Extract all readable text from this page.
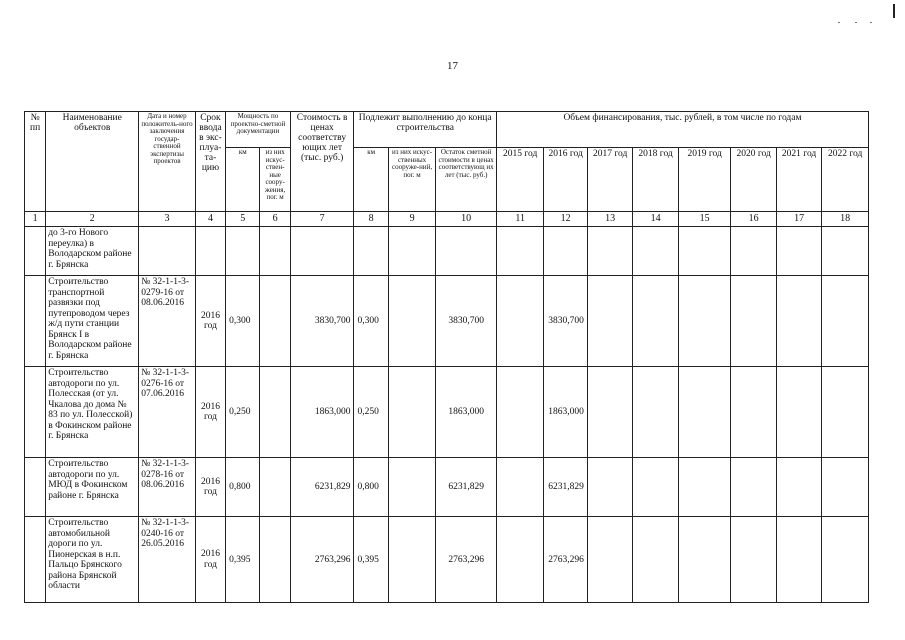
17
№ пп	Наименование объектов	Дата и номер положитель-ного заключения государ-ственной экспертизы проектов	Срок ввода в экс-плуа-та-цию	Мощность по проектно-сметной документации		Стоимость в ценах соответству ющих лет (тыс. руб.)	Подлежит выполнению до конца строительства			Объем финансирования, тыс. рублей, в том числе по годам							
				км	из них искус-ствен-ные соору-жения, пог. м		км	из них искус-ственных сооруже-ний, пог. м	Остаток сметной стоимости в ценах соответствующ их лет (тыс. руб.)	2015 год	2016 год	2017 год	2018 год	2019 год	2020 год	2021 год	2022 год
1	2	3	4	5	6	7	8	9	10	11	12	13	14	15	16	17	18
	до 3-го Нового переулка) в Володарском районе г. Брянска																
	Строительство транспортной развязки под путепроводом через ж/д пути станции Брянск I в Володарском районе г. Брянска	№ 32-1-1-3-0279-16 от 08.06.2016	2016 год	0,300		3830,700	0,300		3830,700		3830,700						
	Строительство автодороги по ул. Полесская (от ул. Чкалова до дома № 83 по ул. Полесской) в Фокинском районе г. Брянска	№ 32-1-1-3-0276-16 от 07.06.2016	2016 год	0,250		1863,000	0,250		1863,000		1863,000						
	Строительство автодороги по ул. МЮД в Фокинском районе г. Брянска	№ 32-1-1-3-0278-16 от 08.06.2016	2016 год	0,800		6231,829	0,800		6231,829		6231,829						
	Строительство автомобильной дороги по ул. Пионерская в н.п. Пальцо Брянского района Брянской области	№ 32-1-1-3-0240-16 от 26.05.2016	2016 год	0,395		2763,296	0,395		2763,296		2763,296						
